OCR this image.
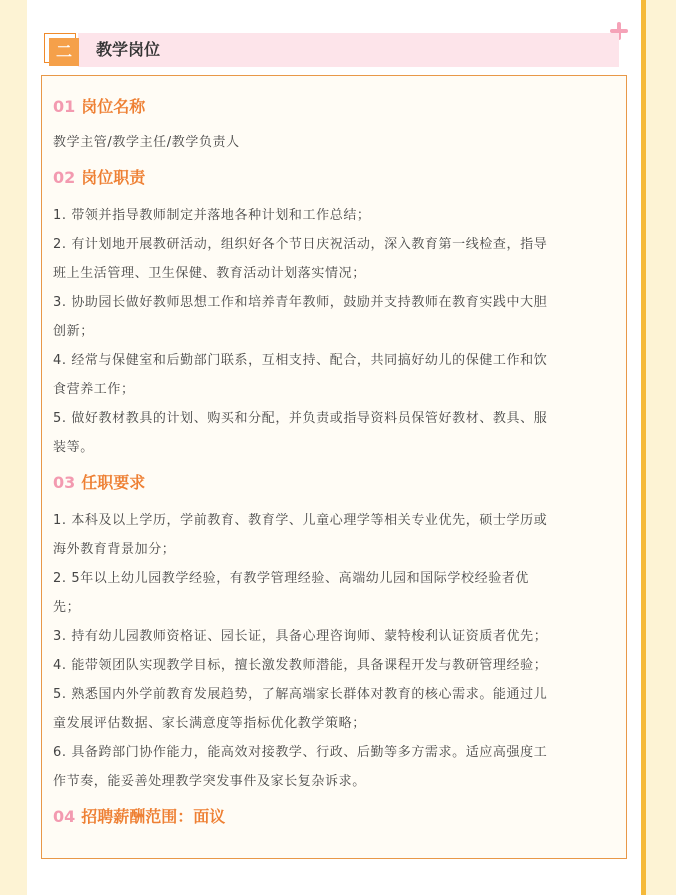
二	教学岗位
01 岗位名称

教学主管/教学主任/教学负责人

02 岗位职责

1. 带领并指导教师制定并落地各种计划和工作总结；

2. 有计划地开展教研活动，组织好各个节日庆祝活动，深入教育第一线检查，指导

班上生活管理、卫生保健、教育活动计划落实情况；

3. 协助园长做好教师思想工作和培养青年教师，鼓励并支持教师在教育实践中大胆

创新；

4. 经常与保健室和后勤部门联系，互相支持、配合，共同搞好幼儿的保健工作和饮

食营养工作；

5. 做好教材教具的计划、购买和分配，并负责或指导资料员保管好教材、教具、服

装等。

03 任职要求

1. 本科及以上学历，学前教育、教育学、儿童心理学等相关专业优先，硕士学历或

海外教育背景加分；

2. 5年以上幼儿园教学经验，有教学管理经验、高端幼儿园和国际学校经验者优

先；

3. 持有幼儿园教师资格证、园长证，具备心理咨询师、蒙特梭利认证资质者优先；

4. 能带领团队实现教学目标，擅长激发教师潜能，具备课程开发与教研管理经验；

5. 熟悉国内外学前教育发展趋势，了解高端家长群体对教育的核心需求。能通过儿

童发展评估数据、家长满意度等指标优化教学策略；

6. 具备跨部门协作能力，能高效对接教学、行政、后勤等多方需求。适应高强度工

作节奏，能妥善处理教学突发事件及家长复杂诉求。

04 招聘薪酬范围：面议
